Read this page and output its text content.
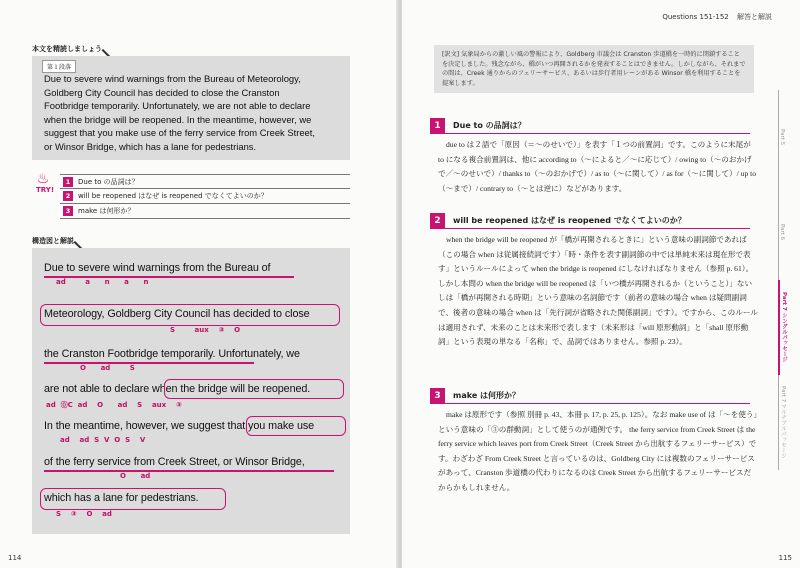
本文を精読しましょう
第１段落
Due to severe wind warnings from the Bureau of Meteorology,
Goldberg City Council has decided to close the Cranston
Footbridge temporarily. Unfortunately, we are not able to declare
when the bridge will be reopened. In the meantime, however, we
suggest that you make use of the ferry service from Creek Street,
or Winsor Bridge, which has a lane for pedestrians.
♨
TRY!
1	Due to の品詞は？
2	will be reopened はなぜ is reopened でなくてよいのか？
3	make は何形か？
構造図と解説
Due to severe wind warnings from the Bureau of
ad        a      n      a      n
Meteorology, Goldberg City Council has decided to close
S        aux    ③    O
the Cranston Footbridge temporarily. Unfortunately, we
O      ad        S
are not able to declare when the bridge will be reopened.
ad  ⓪C  ad    O      ad    S    aux    ③
In the meantime, however, we suggest that you make use
ad    ad  S  V  O  S    V
of the ferry service from Creek Street, or Winsor Bridge,
O      ad
which has a lane for pedestrians.
S    ③    O    ad
114
Questions 151-152 解答と解説
[訳文] 気象局からの激しい風の警報により、Goldberg 市議会は Cranston 歩道橋を一時的に閉鎖することを決定しました。残念ながら、橋がいつ再開されるかを発表することはできません。しかしながら、それまでの間は、Creek 通りからのフェリーサービス、あるいは歩行者用レーンがある Winsor 橋を利用することを提案します。
1	Due to の品詞は？
due to は２語で「原因（＝〜のせいで）」を表す「１つの前置詞」です。このように末尾が to になる複合前置詞は、他に according to（〜によると／〜に応じて）/ owing to（〜のおかげで／〜のせいで）/ thanks to（〜のおかげで）/ as to（〜に関して）/ as for（〜に関して）/ up to（〜まで）/ contrary to（〜とは逆に）などがあります。
2	will be reopened はなぜ is reopened でなくてよいのか？
when the bridge will be reopened が「橋が再開されるときに」という意味の副詞節であれば（この場合 when は従属接続詞です）「時・条件を表す副詞節の中では単純未来は現在形で表す」というルールによって when the bridge is reopened にしなければなりません（参照 p. 61）。しかし本問の when the bridge will be reopened は「いつ橋が再開されるか（ということ）」ないしは「橋が再開される時期」という意味の名詞節です（前者の意味の場合 when は疑問副詞で、後者の意味の場合 when は「先行詞が省略された関係副詞」です）。ですから、このルールは適用されず、未来のことは未来形で表します（未来形は「will 原形動詞」と「shall 原形動詞」という表現の単なる「名称」で、品詞ではありません。参照 p. 23）。
3	make は何形か？
make は原形です（参照 別冊 p. 43、本冊 p. 17, p. 25, p. 125）。なお make use of は「〜を使う」という意味の「③の群動詞」として使うのが通例です。 the ferry service from Creek Street は the ferry service which leaves port from Creek Street（Creek Street から出航するフェリーサービス）です。わざわざ From Creek Street と言っているのは、Goldberg City には複数のフェリーサービスがあって、Cranston 歩道橋の代わりになるのは Creek Street から出航するフェリーサービスだからかもしれません。
Part 5
Part 6
Part 7 シングルパッセージ
Part 7 マルチプルパッセージ
115
